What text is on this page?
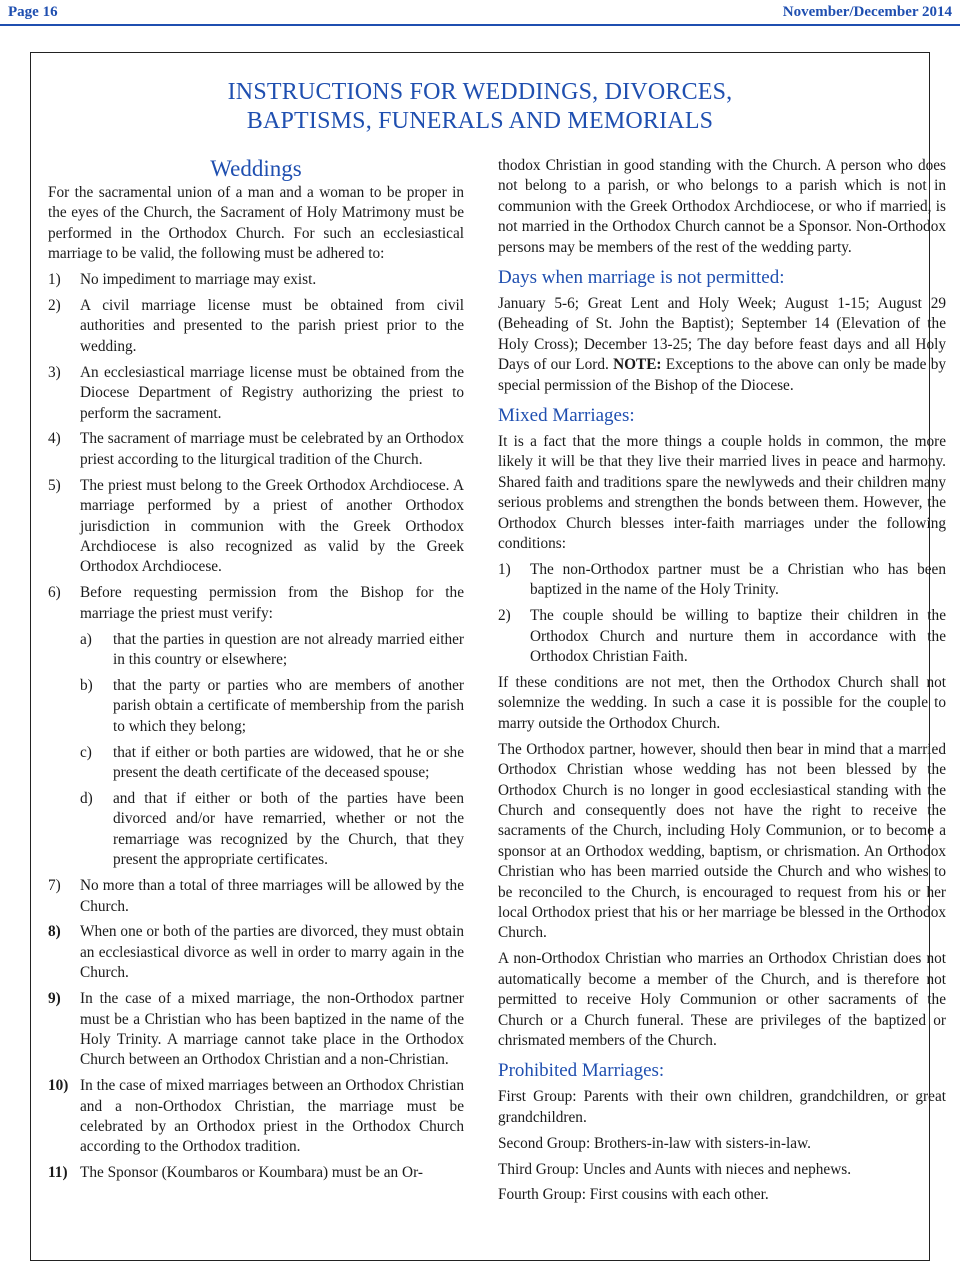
Page 16	November/December 2014
INSTRUCTIONS FOR WEDDINGS, DIVORCES,
BAPTISMS, FUNERALS AND MEMORIALS
Weddings

For the sacramental union of a man and a woman to be proper in the eyes of the Church, the Sacrament of Holy Matrimony must be performed in the Orthodox Church. For such an ecclesiastical marriage to be valid, the following must be adhered to:

1)	No impediment to marriage may exist.
2)	A civil marriage license must be obtained from civil authorities and presented to the parish priest prior to the wedding.
3)	An ecclesiastical marriage license must be obtained from the Diocese Department of Registry authorizing the priest to perform the sacrament.
4)	The sacrament of marriage must be celebrated by an Orthodox priest according to the liturgical tradition of the Church.
5)	The priest must belong to the Greek Orthodox Archdiocese. A marriage performed by a priest of another Orthodox jurisdiction in communion with the Greek Orthodox Archdiocese is also recognized as valid by the Greek Orthodox Archdiocese.
6)	Before requesting permission from the Bishop for the marriage the priest must verify:
a)	that the parties in question are not already married either in this country or elsewhere;
b)	that the party or parties who are members of another parish obtain a certificate of membership from the parish to which they belong;
c)	that if either or both parties are widowed, that he or she present the death certificate of the deceased spouse;
d)	and that if either or both of the parties have been divorced and/or have remarried, whether or not the remarriage was recognized by the Church, that they present the appropriate certificates.
7)	No more than a total of three marriages will be allowed by the Church.
8)	When one or both of the parties are divorced, they must obtain an ecclesiastical divorce as well in order to marry again in the Church.
9)	In the case of a mixed marriage, the non-Orthodox partner must be a Christian who has been baptized in the name of the Holy Trinity. A marriage cannot take place in the Orthodox Church between an Orthodox Christian and a non-Christian.
10) In the case of mixed marriages between an Orthodox Christian and a non-Orthodox Christian, the marriage must be celebrated by an Orthodox priest in the Orthodox Church according to the Orthodox tradition.
11) The Sponsor (Koumbaros or Koumbara) must be an Or-

thodox Christian in good standing with the Church. A person who does not belong to a parish, or who belongs to a parish which is not in communion with the Greek Orthodox Archdiocese, or who if married, is not married in the Orthodox Church cannot be a Sponsor. Non-Orthodox persons may be members of the rest of the wedding party.

Days when marriage is not permitted:

January 5-6; Great Lent and Holy Week; August 1-15; August 29 (Beheading of St. John the Baptist); September 14 (Elevation of the Holy Cross); December 13-25; The day before feast days and all Holy Days of our Lord. NOTE: Exceptions to the above can only be made by special permission of the Bishop of the Diocese.

Mixed Marriages:

It is a fact that the more things a couple holds in common, the more likely it will be that they live their married lives in peace and harmony. Shared faith and traditions spare the newlyweds and their children many serious problems and strengthen the bonds between them. However, the Orthodox Church blesses inter-faith marriages under the following conditions:

1)	The non-Orthodox partner must be a Christian who has been baptized in the name of the Holy Trinity.
2)	The couple should be willing to baptize their children in the Orthodox Church and nurture them in accordance with the Orthodox Christian Faith.

If these conditions are not met, then the Orthodox Church shall not solemnize the wedding. In such a case it is possible for the couple to marry outside the Orthodox Church.

The Orthodox partner, however, should then bear in mind that a married Orthodox Christian whose wedding has not been blessed by the Orthodox Church is no longer in good ecclesiastical standing with the Church and consequently does not have the right to receive the sacraments of the Church, including Holy Communion, or to become a sponsor at an Orthodox wedding, baptism, or chrismation. An Orthodox Christian who has been married outside the Church and who wishes to be reconciled to the Church, is encouraged to request from his or her local Orthodox priest that his or her marriage be blessed in the Orthodox Church.

A non-Orthodox Christian who marries an Orthodox Christian does not automatically become a member of the Church, and is therefore not permitted to receive Holy Communion or other sacraments of the Church or a Church funeral. These are privileges of the baptized or chrismated members of the Church.

Prohibited Marriages:

First Group: Parents with their own children, grandchildren, or great grandchildren.

Second Group: Brothers-in-law with sisters-in-law.

Third Group: Uncles and Aunts with nieces and nephews.

Fourth Group: First cousins with each other.
